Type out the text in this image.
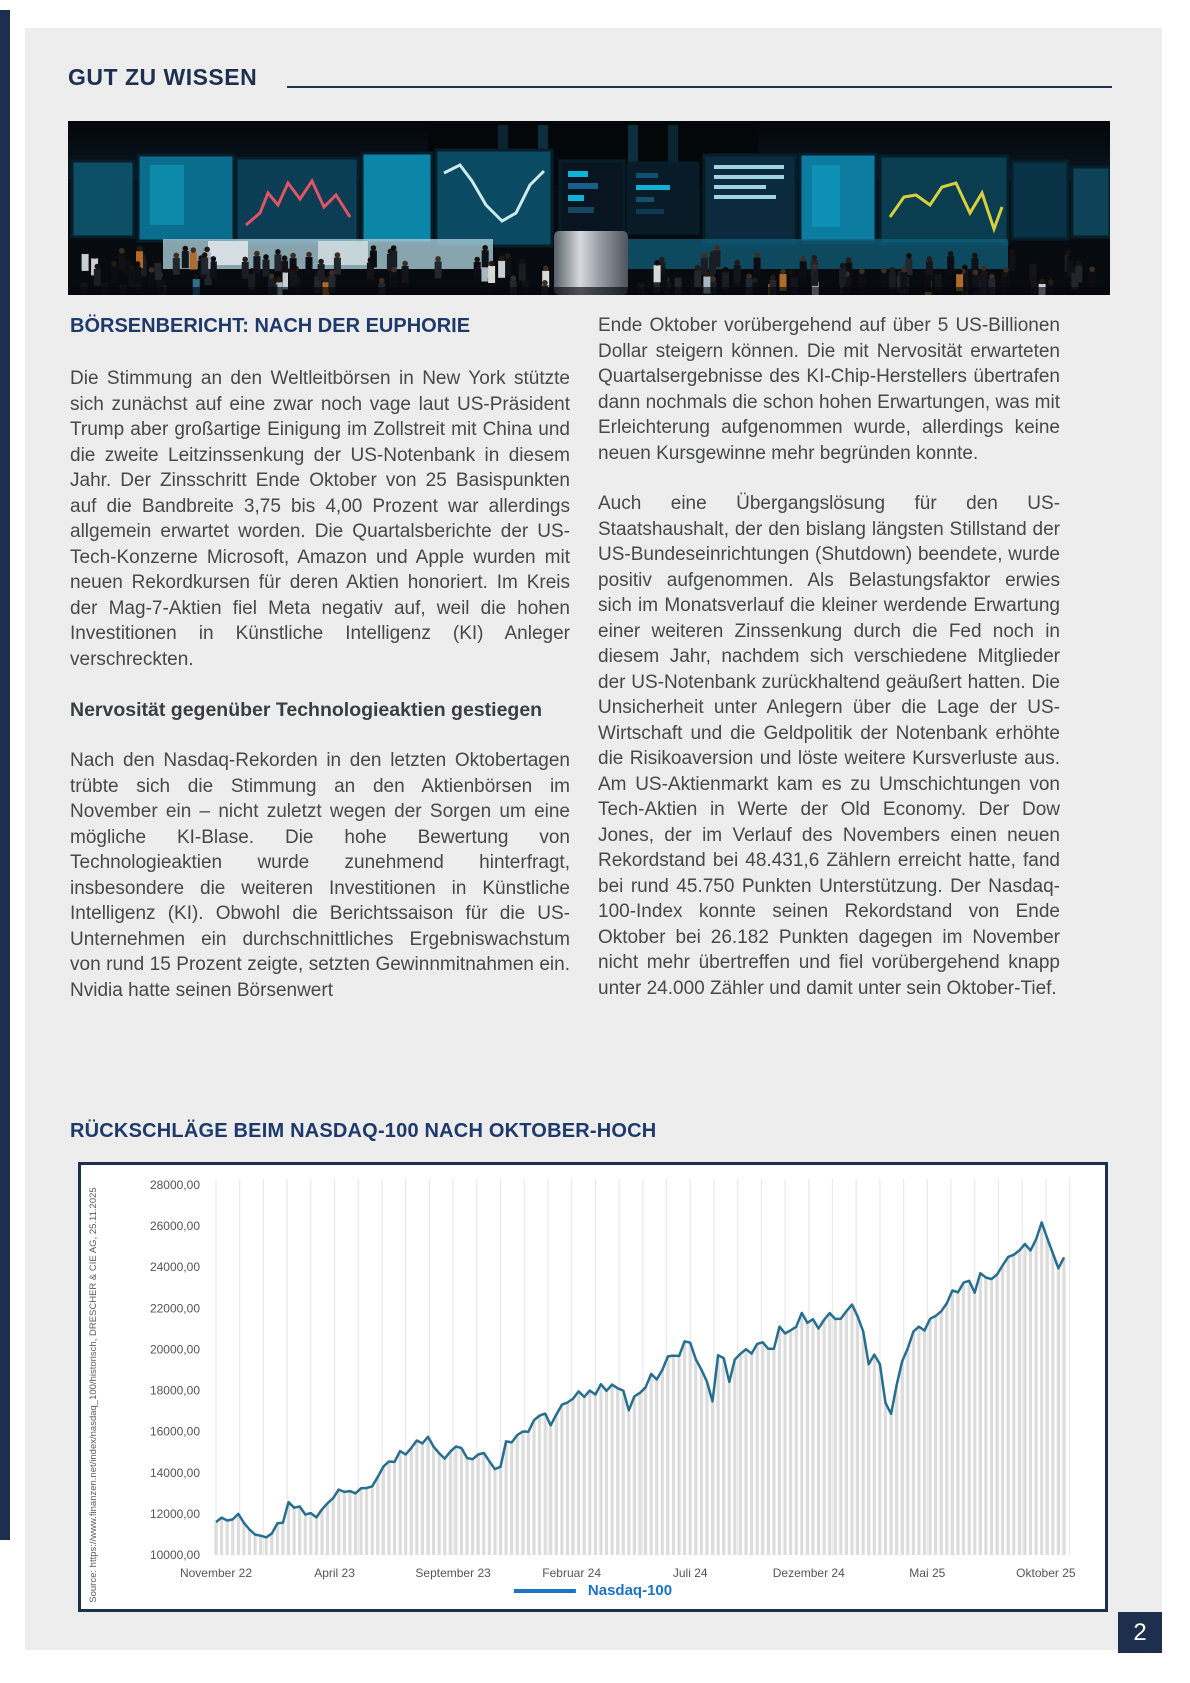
GUT ZU WISSEN
BÖRSENBERICHT: NACH DER EUPHORIE

Die Stimmung an den Weltleitbörsen in New York stützte sich zunächst auf eine zwar noch vage laut US-Präsident Trump aber großartige Einigung im Zollstreit mit China und die zweite Leitzinssenkung der US-Notenbank in diesem Jahr. Der Zinsschritt Ende Oktober von 25 Basispunkten auf die Bandbreite 3,75 bis 4,00 Prozent war allerdings allgemein erwartet worden. Die Quartalsberichte der US-Tech-Konzerne Microsoft, Amazon und Apple wurden mit neuen Rekordkursen für deren Aktien honoriert. Im Kreis der Mag-7-Aktien fiel Meta negativ auf, weil die hohen Investitionen in Künstliche Intelligenz (KI) Anleger verschreckten.

Nervosität gegenüber Technologieaktien gestiegen

Nach den Nasdaq-Rekorden in den letzten Oktobertagen trübte sich die Stimmung an den Aktienbörsen im November ein – nicht zuletzt wegen der Sorgen um eine mögliche KI-Blase. Die hohe Bewertung von Technologieaktien wurde zunehmend hinterfragt, insbesondere die weiteren Investitionen in Künstliche Intelligenz (KI). Obwohl die Berichtssaison für die US-Unternehmen ein durchschnittliches Ergebniswachstum von rund 15 Prozent zeigte, setzten Gewinnmitnahmen ein. Nvidia hatte seinen Börsenwert

Ende Oktober vorübergehend auf über 5 US-Billionen Dollar steigern können. Die mit Nervosität erwarteten Quartalsergebnisse des KI-Chip-Herstellers übertrafen dann nochmals die schon hohen Erwartungen, was mit Erleichterung aufgenommen wurde, allerdings keine neuen Kursgewinne mehr begründen konnte.

Auch eine Übergangslösung für den US-Staatshaushalt, der den bislang längsten Stillstand der US-Bundeseinrichtungen (Shutdown) beendete, wurde positiv aufgenommen. Als Belastungsfaktor erwies sich im Monatsverlauf die kleiner werdende Erwartung einer weiteren Zinssenkung durch die Fed noch in diesem Jahr, nachdem sich verschiedene Mitglieder der US-Notenbank zurückhaltend geäußert hatten. Die Unsicherheit unter Anlegern über die Lage der US-Wirtschaft und die Geldpolitik der Notenbank erhöhte die Risikoaversion und löste weitere Kursverluste aus. Am US-Aktienmarkt kam es zu Umschichtungen von Tech-Aktien in Werte der Old Economy. Der Dow Jones, der im Verlauf des Novembers einen neuen Rekordstand bei 48.431,6 Zählern erreicht hatte, fand bei rund 45.750 Punkten Unterstützung. Der Nasdaq-100-Index konnte seinen Rekordstand von Ende Oktober bei 26.182 Punkten dagegen im November nicht mehr übertreffen und fiel vorübergehend knapp unter 24.000 Zähler und damit unter sein Oktober-Tief.

RÜCKSCHLÄGE BEIM NASDAQ-100 NACH OKTOBER-HOCH
28000,00
26000,00
24000,00
22000,00
20000,00
18000,00
16000,00
14000,00
12000,00
10000,00
November 22	April 23	September 23	Februar 24	Juli 24	Dezember 24	Mai 25	Oktober 25
Source: https://www.finanzen.net/index/nasdaq_100/historisch, DRESCHER & CIE AG, 25.11.2025	Nasdaq-100
2
